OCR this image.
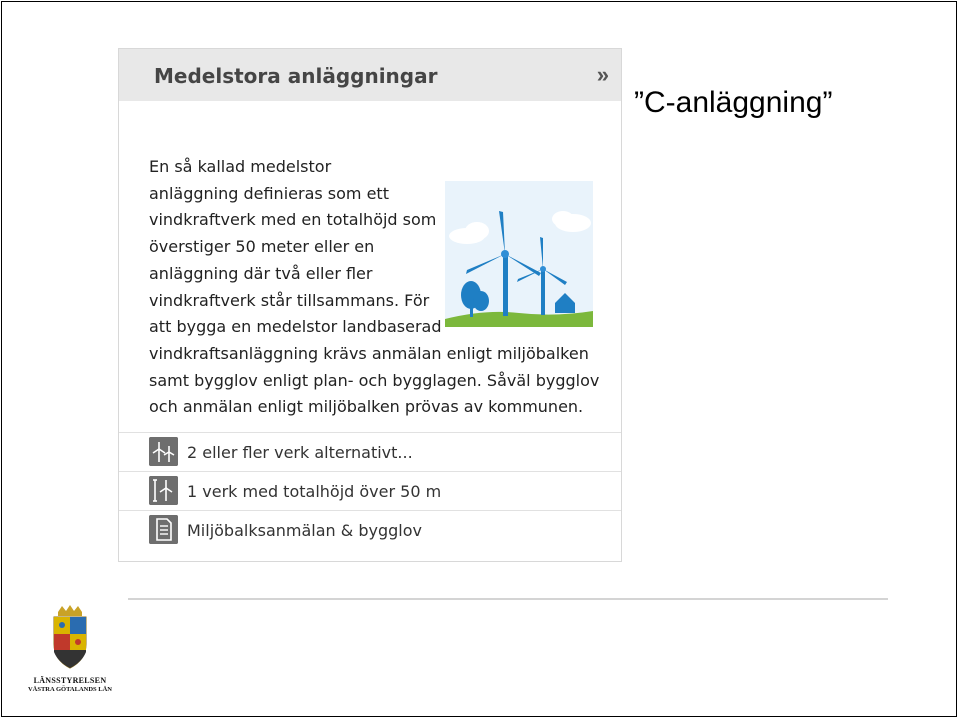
Medelstora anläggningar	»

En så kallad medelstor
anläggning definieras som ett
vindkraftverk med en totalhöjd som
överstiger 50 meter eller en
anläggning där två eller fler
vindkraftverk står tillsammans. För
att bygga en medelstor landbaserad
vindkraftsanläggning krävs anmälan enligt miljöbalken
samt bygglov enligt plan- och bygglagen. Såväl bygglov
och anmälan enligt miljöbalken prövas av kommunen.

2 eller fler verk alternativt...
1 verk med totalhöjd över 50 m
Miljöbalksanmälan & bygglov
”C-anläggning”
LÄNSSTYRELSEN
VÄSTRA GÖTALANDS LÄN
